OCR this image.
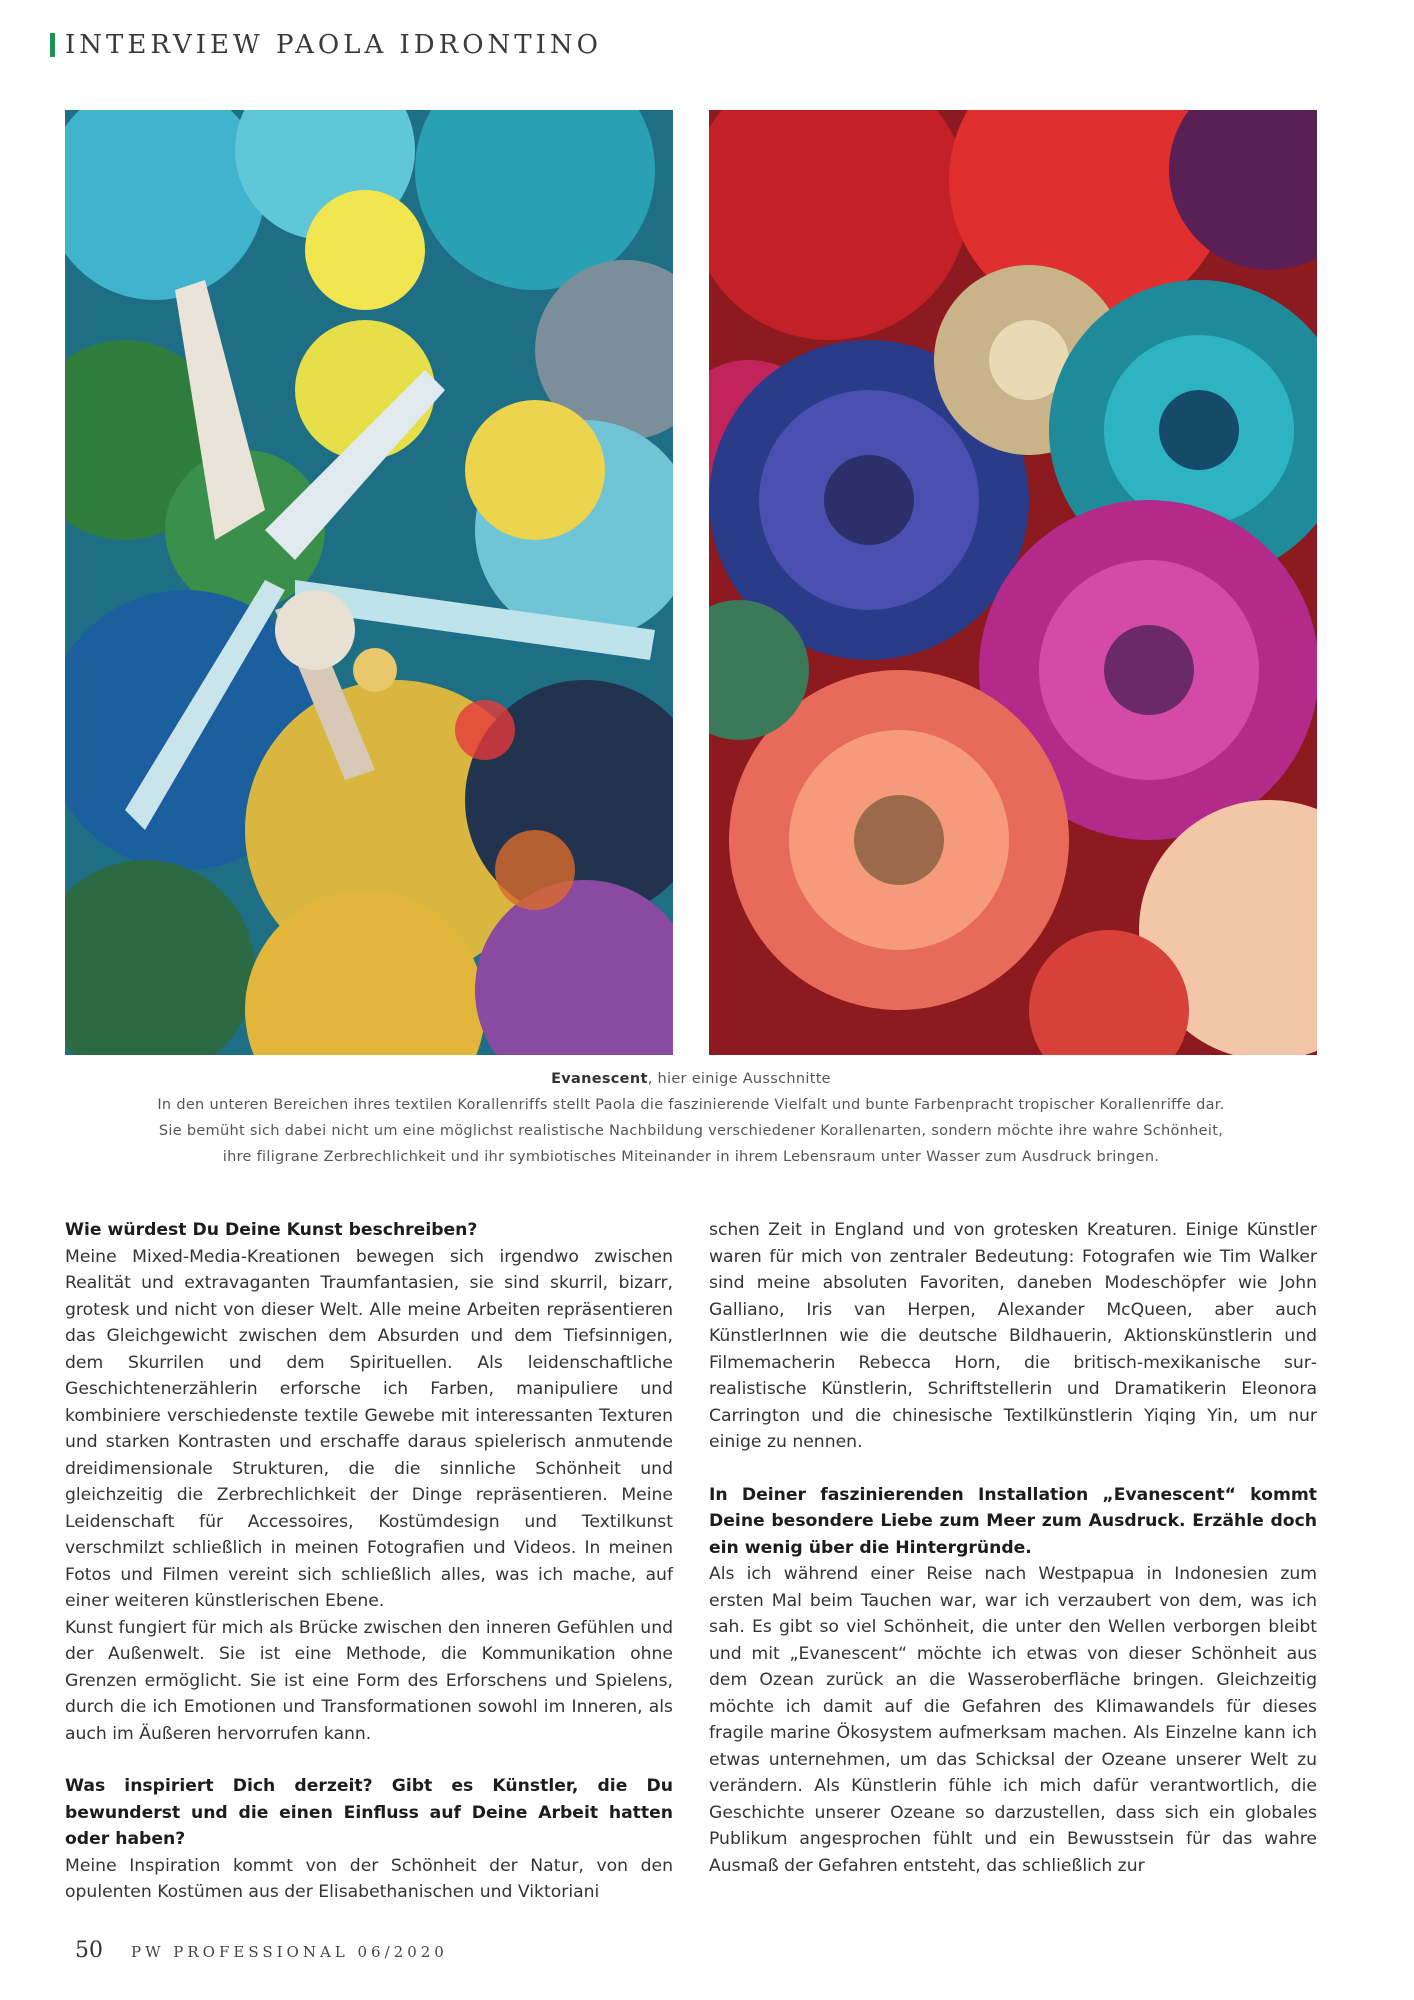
INTERVIEW PAOLA IDRONTINO
Evanescent, hier einige Ausschnitte
In den unteren Bereichen ihres textilen Korallenriffs stellt Paola die faszinierende Vielfalt und bunte Farbenpracht tropischer Korallenriffe dar.
Sie bemüht sich dabei nicht um eine möglichst realistische Nachbildung verschiedener Korallenarten, sondern möchte ihre wahre Schönheit,
ihre filigrane Zerbrechlichkeit und ihr symbiotisches Miteinander in ihrem Lebensraum unter Wasser zum Ausdruck bringen.

Wie würdest Du Deine Kunst beschreiben?

Meine Mixed-Media-Kreationen bewegen sich irgendwo zwischen Realität und extravaganten Traumfantasien, sie sind skurril, bizarr, grotesk und nicht von dieser Welt. Alle meine Arbeiten repräsentieren das Gleichgewicht zwischen dem Absurden und dem Tiefsinnigen, dem Skurrilen und dem Spirituellen. Als leidenschaftliche Geschichtenerzählerin erforsche ich Farben, manipuliere und kombiniere verschiedenste textile Gewebe mit interessanten Texturen und starken Kontrasten und erschaffe daraus spielerisch anmutende dreidimensionale Strukturen, die die sinnliche Schönheit und gleichzeitig die Zerbrechlichkeit der Dinge repräsentieren. Meine Leidenschaft für Accessoires, Kostümdesign und Textilkunst verschmilzt schließlich in meinen Fotografien und Videos. In meinen Fotos und Filmen vereint sich schließlich alles, was ich mache, auf einer weiteren künstlerischen Ebene.

Kunst fungiert für mich als Brücke zwischen den inneren Gefühlen und der Außenwelt. Sie ist eine Methode, die Kommunikation ohne Grenzen ermöglicht. Sie ist eine Form des Erforschens und Spielens, durch die ich Emotionen und Transformationen sowohl im Inneren, als auch im Äußeren hervorrufen kann.

Was inspiriert Dich derzeit? Gibt es Künstler, die Du bewunderst und die einen Einfluss auf Deine Arbeit hatten oder haben?

Meine Inspiration kommt von der Schönheit der Natur, von den opulenten Kostümen aus der Elisabethanischen und Viktoriani

schen Zeit in England und von grotesken Kreaturen. Einige Künstler waren für mich von zentraler Bedeutung: Fotografen wie Tim Walker sind meine absoluten Favoriten, daneben Modeschöpfer wie John Galliano, Iris van Herpen, Alexander McQueen, aber auch KünstlerInnen wie die deutsche Bildhauerin, Aktionskünstlerin und Filmemacherin Rebecca Horn, die britisch-mexikanische surrealistische Künstlerin, Schriftstellerin und Dramatikerin Eleonora Carrington und die chinesische Textilkünstlerin Yiqing Yin, um nur einige zu nennen.

In Deiner faszinierenden Installation „Evanescent“ kommt Deine besondere Liebe zum Meer zum Ausdruck. Erzähle doch ein wenig über die Hintergründe.

Als ich während einer Reise nach Westpapua in Indonesien zum ersten Mal beim Tauchen war, war ich verzaubert von dem, was ich sah. Es gibt so viel Schönheit, die unter den Wellen verborgen bleibt und mit „Evanescent“ möchte ich etwas von dieser Schönheit aus dem Ozean zurück an die Wasseroberfläche bringen. Gleichzeitig möchte ich damit auf die Gefahren des Klimawandels für dieses fragile marine Ökosystem aufmerksam machen. Als Einzelne kann ich etwas unternehmen, um das Schicksal der Ozeane unserer Welt zu verändern. Als Künstlerin fühle ich mich dafür verantwortlich, die Geschichte unserer Ozeane so darzustellen, dass sich ein globales Publikum angesprochen fühlt und ein Bewusstsein für das wahre Ausmaß der Gefahren entsteht, das schließlich zur

50 PW PROFESSIONAL 06/2020
